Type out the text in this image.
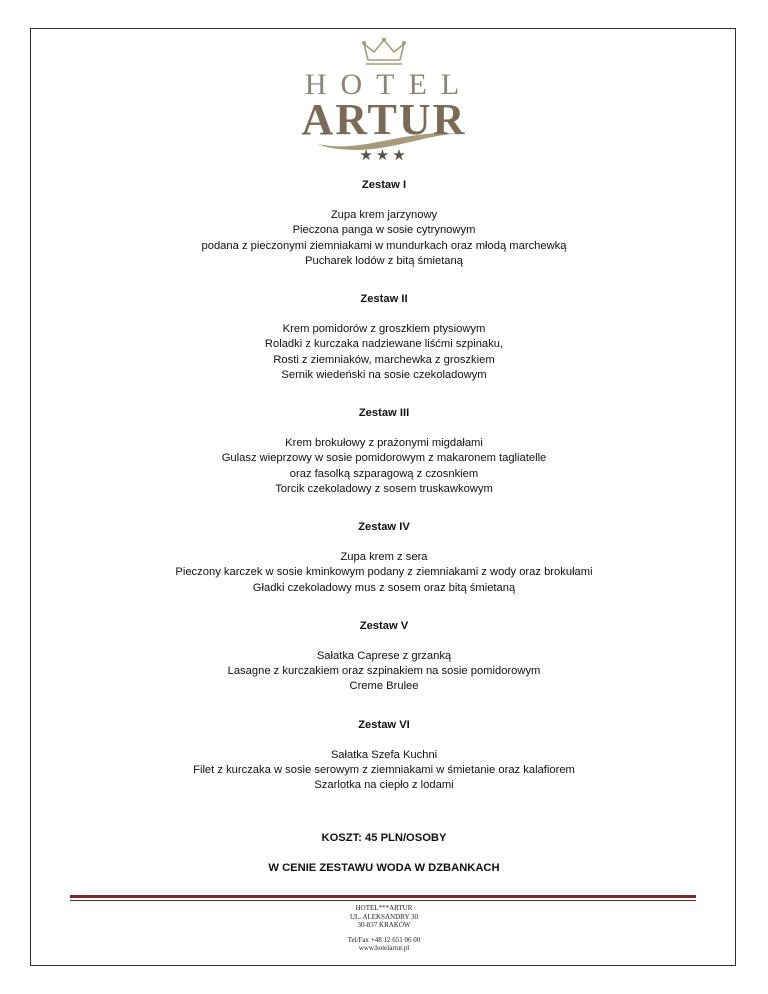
HOTEL
ARTUR
★★★

Zestaw I

Zupa krem jarzynowy

Pieczona panga w sosie cytrynowym

podana z pieczonymi ziemniakami w mundurkach oraz młodą marchewką

Pucharek lodów z bitą śmietaną

Zestaw II

Krem pomidorów z groszkiem ptysiowym

Roladki z kurczaka nadziewane liśćmi szpinaku,

Rosti z ziemniaków, marchewka z groszkiem

Sernik wiedeński na sosie czekoladowym

Zestaw III

Krem brokułowy z prażonymi migdałami

Gulasz wieprzowy w sosie pomidorowym z makaronem tagliatelle

oraz fasolką szparagową z czosnkiem

Torcik czekoladowy z sosem truskawkowym

Zestaw IV

Zupa krem z sera

Pieczony karczek w sosie kminkowym podany z ziemniakami z wody oraz brokułami

Gładki czekoladowy mus z sosem oraz bitą śmietaną

Zestaw V

Sałatka Caprese z grzanką

Lasagne z kurczakiem oraz szpinakiem na sosie pomidorowym

Creme Brulee

Zestaw VI

Sałatka Szefa Kuchni

Filet z kurczaka w sosie serowym z ziemniakami w śmietanie oraz kalafiorem

Szarlotka na ciepło z lodami

KOSZT: 45 PLN/OSOBY

W CENIE ZESTAWU WODA W DZBANKACH

HOTEL***ARTUR

UL. ALEKSANDRY 30

30-837 KRAKÓW

Tel/Fax +48 12 651 06 00

www.hotelartur.pl
